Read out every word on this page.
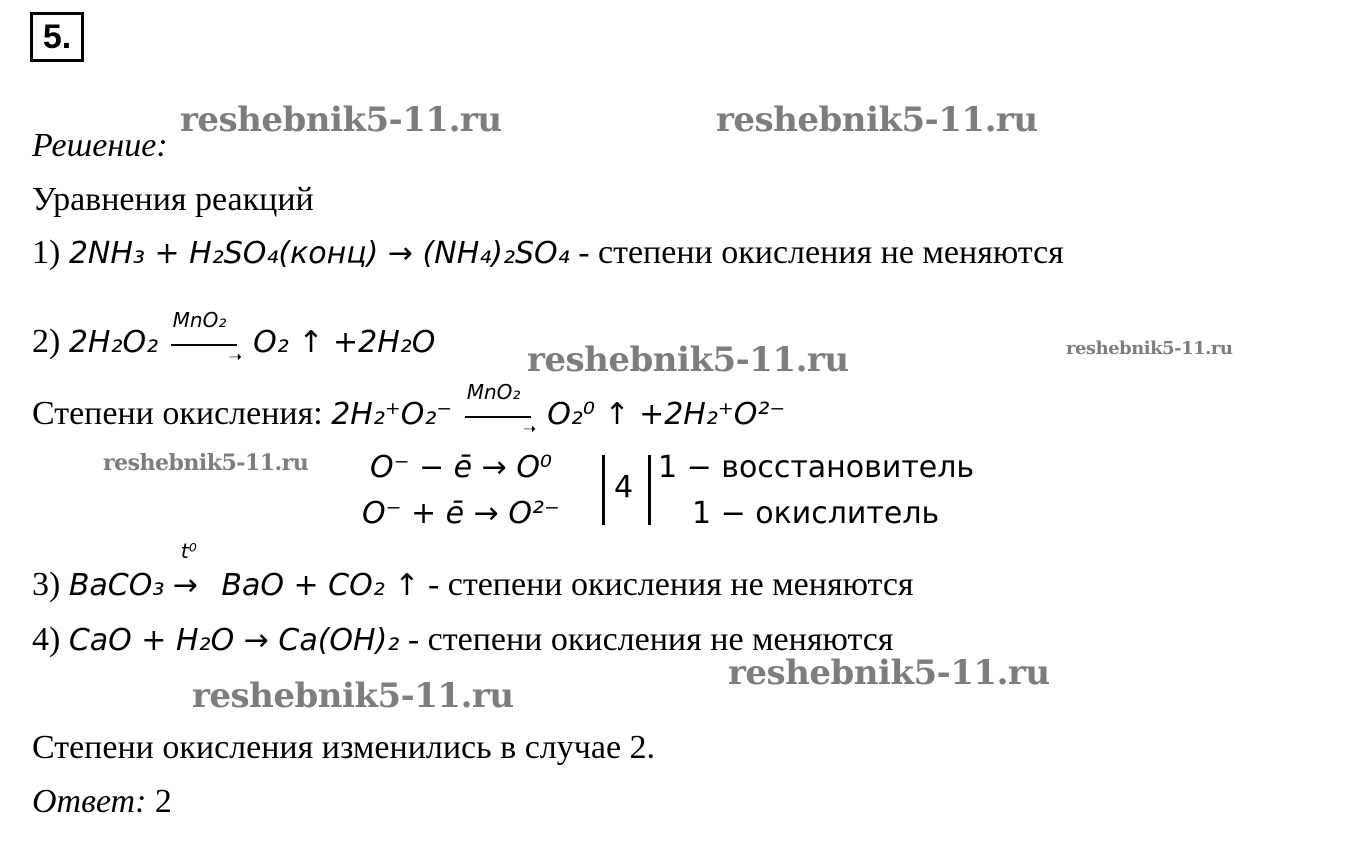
5.
reshebnik5-11.ru	reshebnik5-11.ru
reshebnik5-11.ru	reshebnik5-11.ru
reshebnik5-11.ru
reshebnik5-11.ru
reshebnik5-11.ru
Решение:
Уравнения реакций
1) 2NH₃ + H₂SO₄(конц) → (NH₄)₂SO₄ - степени окисления не меняются
2) 2H₂O₂
MnO₂
➝ O₂ ↑ +2H₂O
Степени окисления: 2H₂⁺O₂⁻
MnO₂
➝ O₂⁰ ↑ +2H₂⁺O²⁻
O⁻ − ē → O⁰
O⁻ + ē → O²⁻
4
1 − восстановитель
1 − окислитель
3) BaCO₃
t⁰
→ BaO + CO₂ ↑ - степени окисления не меняются
4) CaO + H₂O → Ca(OH)₂ - степени окисления не меняются
Степени окисления изменились в случае 2.
Ответ: 2
